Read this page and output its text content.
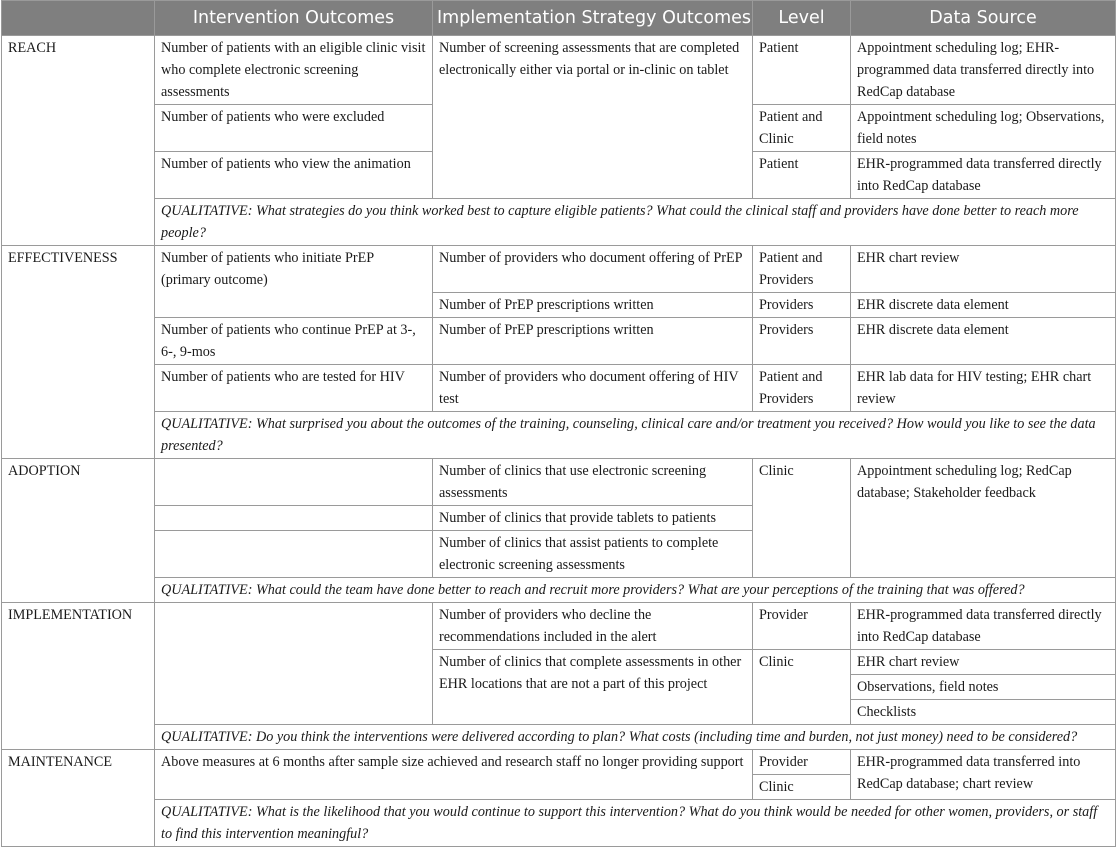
	Intervention Outcomes	Implementation Strategy Outcomes	Level	Data Source
REACH	Number of patients with an eligible clinic visit who complete electronic screening assessments	Number of screening assessments that are completed electronically either via portal or in-clinic on tablet	Patient	Appointment scheduling log; EHR-programmed data transferred directly into RedCap database
	Number of patients who were excluded		Patient and Clinic	Appointment scheduling log; Observations, field notes
	Number of patients who view the animation		Patient	EHR-programmed data transferred directly into RedCap database
	QUALITATIVE: What strategies do you think worked best to capture eligible patients? What could the clinical staff and providers have done better to reach more people?			
EFFECTIVENESS	Number of patients who initiate PrEP (primary outcome)	Number of providers who document offering of PrEP	Patient and Providers	EHR chart review
		Number of PrEP prescriptions written	Providers	EHR discrete data element
	Number of patients who continue PrEP at 3-, 6-, 9-mos	Number of PrEP prescriptions written	Providers	EHR discrete data element
	Number of patients who are tested for HIV	Number of providers who document offering of HIV test	Patient and Providers	EHR lab data for HIV testing; EHR chart review
	QUALITATIVE: What surprised you about the outcomes of the training, counseling, clinical care and/or treatment you received? How would you like to see the data presented?			
ADOPTION		Number of clinics that use electronic screening assessments	Clinic	Appointment scheduling log; RedCap database; Stakeholder feedback
		Number of clinics that provide tablets to patients		
		Number of clinics that assist patients to complete electronic screening assessments		
	QUALITATIVE: What could the team have done better to reach and recruit more providers? What are your perceptions of the training that was offered?			
IMPLEMENTATION		Number of providers who decline the recommendations included in the alert	Provider	EHR-programmed data transferred directly into RedCap database
		Number of clinics that complete assessments in other EHR locations that are not a part of this project	Clinic	EHR chart review
				Observations, field notes
				Checklists
	QUALITATIVE: Do you think the interventions were delivered according to plan? What costs (including time and burden, not just money) need to be considered?			
MAINTENANCE	Above measures at 6 months after sample size achieved and research staff no longer providing support		Provider	EHR-programmed data transferred into RedCap database; chart review
			Clinic	
	QUALITATIVE: What is the likelihood that you would continue to support this intervention? What do you think would be needed for other women, providers, or staff to find this intervention meaningful?			
